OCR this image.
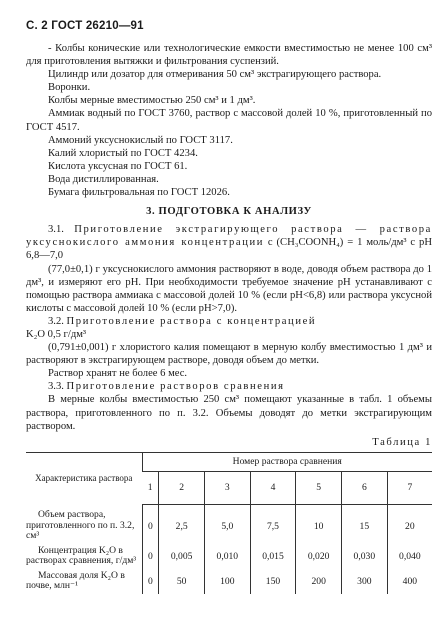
С. 2 ГОСТ 26210—91

- Колбы конические или технологические емкости вместимостью не менее 100 см³ для приготовления вытяжки и фильтрования суспензий.

Цилиндр или дозатор для отмеривания 50 см³ экстрагирующего раствора.

Воронки.

Колбы мерные вместимостью 250 см³ и 1 дм³.

Аммиак водный по ГОСТ 3760, раствор с массовой долей 10 %, приготовленный по ГОСТ 4517.

Аммоний уксуснокислый по ГОСТ 3117.

Калий хлористый по ГОСТ 4234.

Кислота уксусная по ГОСТ 61.

Вода дистиллированная.

Бумага фильтровальная по ГОСТ 12026.

3. ПОДГОТОВКА К АНАЛИЗУ

3.1. Приготовление экстрагирующего раствора — раствора уксуснокислого аммония концентрации c (CH₃COONH₄) = 1 моль/дм³ с pH 6,8—7,0

(77,0±0,1) г уксуснокислого аммония растворяют в воде, доводя объем раствора до 1 дм³, и измеряют его pH. При необходимости требуемое значение pH устанавливают с помощью раствора аммиака с массовой долей 10 % (если pH<6,8) или раствора уксусной кислоты с массовой долей 10 % (если pH>7,0).

3.2. Приготовление раствора с концентрацией

K₂O 0,5 г/дм³

(0,791±0,001) г хлористого калия помещают в мерную колбу вместимостью 1 дм³ и растворяют в экстрагирующем растворе, доводя объем до метки.

Раствор хранят не более 6 мес.

3.3. Приготовление растворов сравнения

В мерные колбы вместимостью 250 см³ помещают указанные в табл. 1 объемы раствора, приготовленного по п. 3.2. Объемы доводят до метки экстрагирующим раствором.

Таблица 1
Характеристика раствора	Номер раствора сравнения						
	1	2	3	4	5	6	7
Объем раствора, приготовленного по п. 3.2, см³	0	2,5	5,0	7,5	10	15	20
Концентрация K₂O в растворах сравнения, г/дм³	0	0,005	0,010	0,015	0,020	0,030	0,040
Массовая доля K₂O в почве, млн⁻¹	0	50	100	150	200	300	400
